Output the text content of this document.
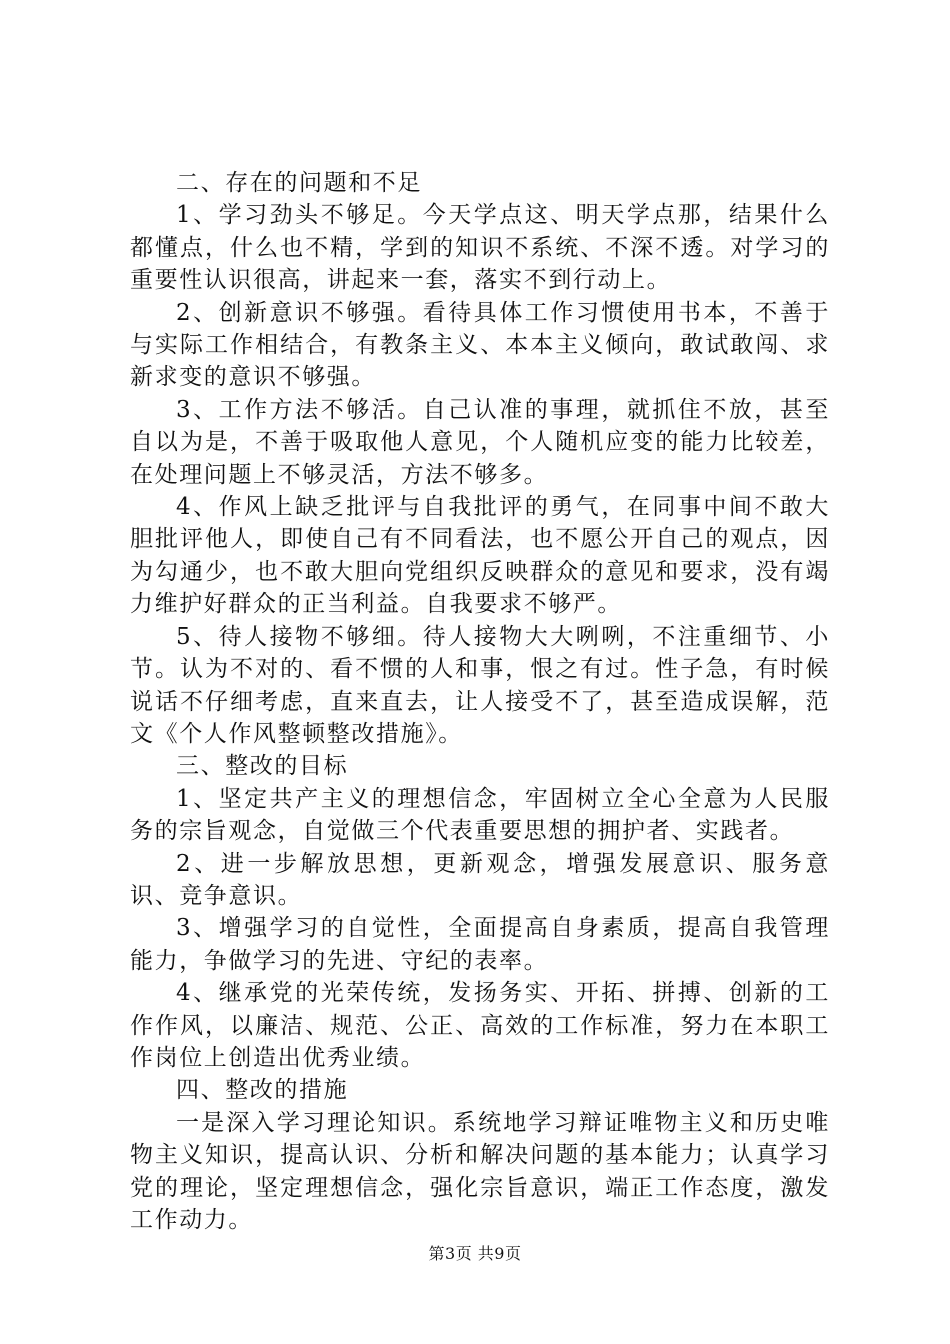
二、存在的问题和不足

1、学习劲头不够足。今天学点这、明天学点那，结果什么都懂点，什么也不精，学到的知识不系统、不深不透。对学习的重要性认识很高，讲起来一套，落实不到行动上。

2、创新意识不够强。看待具体工作习惯使用书本，不善于与实际工作相结合，有教条主义、本本主义倾向，敢试敢闯、求新求变的意识不够强。

3、工作方法不够活。自己认准的事理，就抓住不放，甚至自以为是，不善于吸取他人意见，个人随机应变的能力比较差，在处理问题上不够灵活，方法不够多。

4、作风上缺乏批评与自我批评的勇气，在同事中间不敢大胆批评他人，即使自己有不同看法，也不愿公开自己的观点，因为勾通少，也不敢大胆向党组织反映群众的意见和要求，没有竭力维护好群众的正当利益。自我要求不够严。

5、待人接物不够细。待人接物大大咧咧，不注重细节、小节。认为不对的、看不惯的人和事，恨之有过。性子急，有时候说话不仔细考虑，直来直去，让人接受不了，甚至造成误解，范文《个人作风整顿整改措施》。

三、整改的目标

1、坚定共产主义的理想信念，牢固树立全心全意为人民服务的宗旨观念，自觉做三个代表重要思想的拥护者、实践者。

2、进一步解放思想，更新观念，增强发展意识、服务意识、竞争意识。

3、增强学习的自觉性，全面提高自身素质，提高自我管理能力，争做学习的先进、守纪的表率。

4、继承党的光荣传统，发扬务实、开拓、拼搏、创新的工作作风，以廉洁、规范、公正、高效的工作标准，努力在本职工作岗位上创造出优秀业绩。

四、整改的措施

一是深入学习理论知识。系统地学习辩证唯物主义和历史唯物主义知识，提高认识、分析和解决问题的基本能力；认真学习党的理论，坚定理想信念，强化宗旨意识，端正工作态度，激发工作动力。

第3页 共9页
